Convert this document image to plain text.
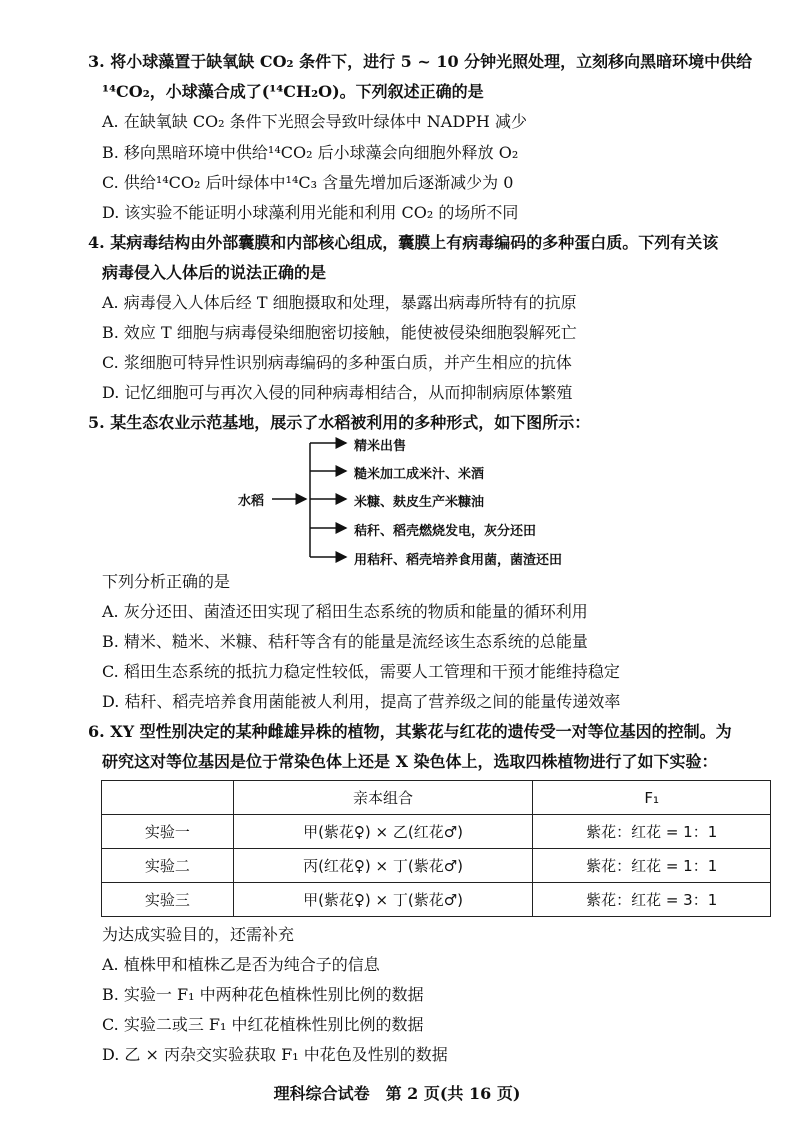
3. 将小球藻置于缺氧缺 CO₂ 条件下，进行 5 ~ 10 分钟光照处理，立刻移向黑暗环境中供给
¹⁴CO₂，小球藻合成了(¹⁴CH₂O)。下列叙述正确的是
A. 在缺氧缺 CO₂ 条件下光照会导致叶绿体中 NADPH 减少
B. 移向黑暗环境中供给¹⁴CO₂ 后小球藻会向细胞外释放 O₂
C. 供给¹⁴CO₂ 后叶绿体中¹⁴C₃ 含量先增加后逐渐减少为 0
D. 该实验不能证明小球藻利用光能和利用 CO₂ 的场所不同
4. 某病毒结构由外部囊膜和内部核心组成，囊膜上有病毒编码的多种蛋白质。下列有关该
病毒侵入人体后的说法正确的是
A. 病毒侵入人体后经 T 细胞摄取和处理，暴露出病毒所特有的抗原
B. 效应 T 细胞与病毒侵染细胞密切接触，能使被侵染细胞裂解死亡
C. 浆细胞可特异性识别病毒编码的多种蛋白质，并产生相应的抗体
D. 记忆细胞可与再次入侵的同种病毒相结合，从而抑制病原体繁殖
5. 某生态农业示范基地，展示了水稻被利用的多种形式，如下图所示：
水稻
精米出售
糙米加工成米汁、米酒
米糠、麸皮生产米糠油
秸秆、稻壳燃烧发电，灰分还田
用秸秆、稻壳培养食用菌，菌渣还田
下列分析正确的是
A. 灰分还田、菌渣还田实现了稻田生态系统的物质和能量的循环利用
B. 精米、糙米、米糠、秸秆等含有的能量是流经该生态系统的总能量
C. 稻田生态系统的抵抗力稳定性较低，需要人工管理和干预才能维持稳定
D. 秸秆、稻壳培养食用菌能被人利用，提高了营养级之间的能量传递效率
6. XY 型性别决定的某种雌雄异株的植物，其紫花与红花的遗传受一对等位基因的控制。为
研究这对等位基因是位于常染色体上还是 X 染色体上，选取四株植物进行了如下实验：
	亲本组合	F₁
实验一	甲(紫花♀) × 乙(红花♂)	紫花：红花 = 1：1
实验二	丙(红花♀) × 丁(紫花♂)	紫花：红花 = 1：1
实验三	甲(紫花♀) × 丁(紫花♂)	紫花：红花 = 3：1
为达成实验目的，还需补充
A. 植株甲和植株乙是否为纯合子的信息
B. 实验一 F₁ 中两种花色植株性别比例的数据
C. 实验二或三 F₁ 中红花植株性别比例的数据
D. 乙 × 丙杂交实验获取 F₁ 中花色及性别的数据
理科综合试卷　第 2 页(共 16 页)
